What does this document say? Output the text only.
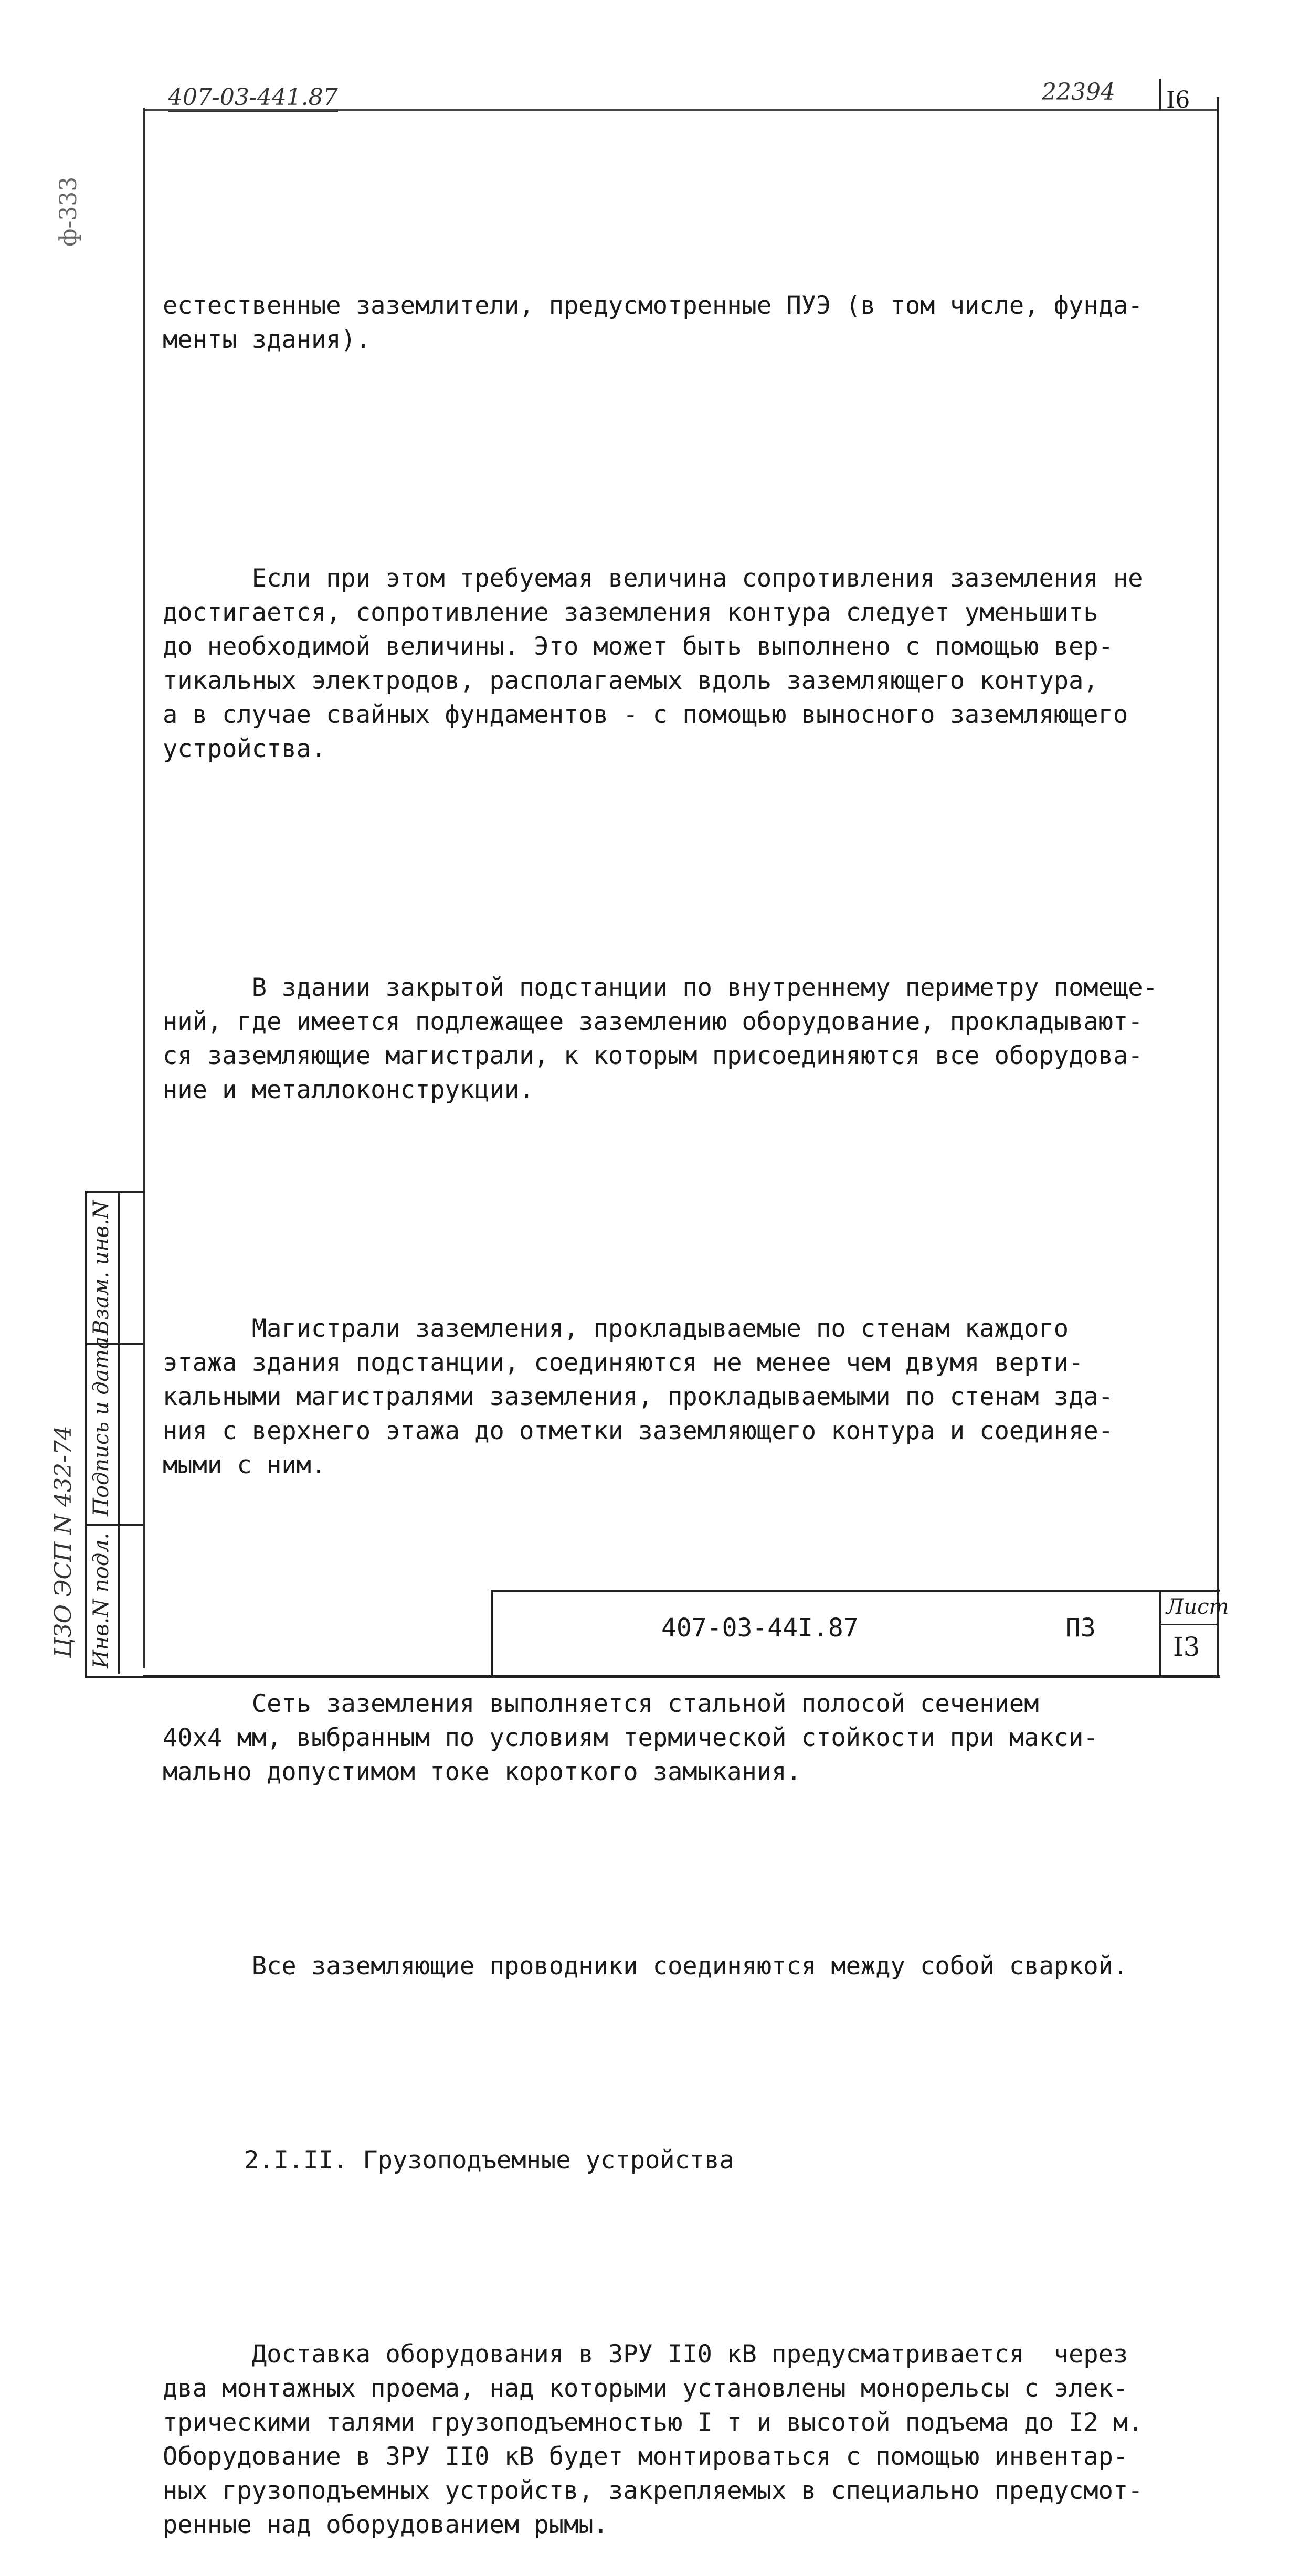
407-03-441.87	22394 I6
ф-333

естественные заземлители, предусмотренные ПУЭ (в том числе, фунда-
менты здания).

Если при этом требуемая величина сопротивления заземления не
достигается, сопротивление заземления контура следует уменьшить
до необходимой величины. Это может быть выполнено с помощью вер-
тикальных электродов, располагаемых вдоль заземляющего контура,
а в случае свайных фундаментов - с помощью выносного заземляющего
устройства.

В здании закрытой подстанции по внутреннему периметру помеще-
ний, где имеется подлежащее заземлению оборудование, прокладывают-
ся заземляющие магистрали, к которым присоединяются все оборудова-
ние и металлоконструкции.

Магистрали заземления, прокладываемые по стенам каждого
этажа здания подстанции, соединяются не менее чем двумя верти-
кальными магистралями заземления, прокладываемыми по стенам зда-
ния с верхнего этажа до отметки заземляющего контура и соединяе-
мыми с ним.

Сеть заземления выполняется стальной полосой сечением
40х4 мм, выбранным по условиям термической стойкости при макси-
мально допустимом токе короткого замыкания.

Все заземляющие проводники соединяются между собой сваркой.

2.I.II. Грузоподъемные устройства

Доставка оборудования в ЗРУ II0 кВ предусматривается  через
два монтажных проема, над которыми установлены монорельсы с элек-
трическими талями грузоподъемностью I т и высотой подъема до I2 м.
Оборудование в ЗРУ II0 кВ будет монтироваться с помощью инвентар-
ных грузоподъемных устройств, закрепляемых в специально предусмот-
ренные над оборудованием рымы.

Взам. инв.N
Подпись и дата
Инв.N подл.
ЦЗО ЭСП N 432-74	407-03-44I.87	ПЗ
Лист
I3
